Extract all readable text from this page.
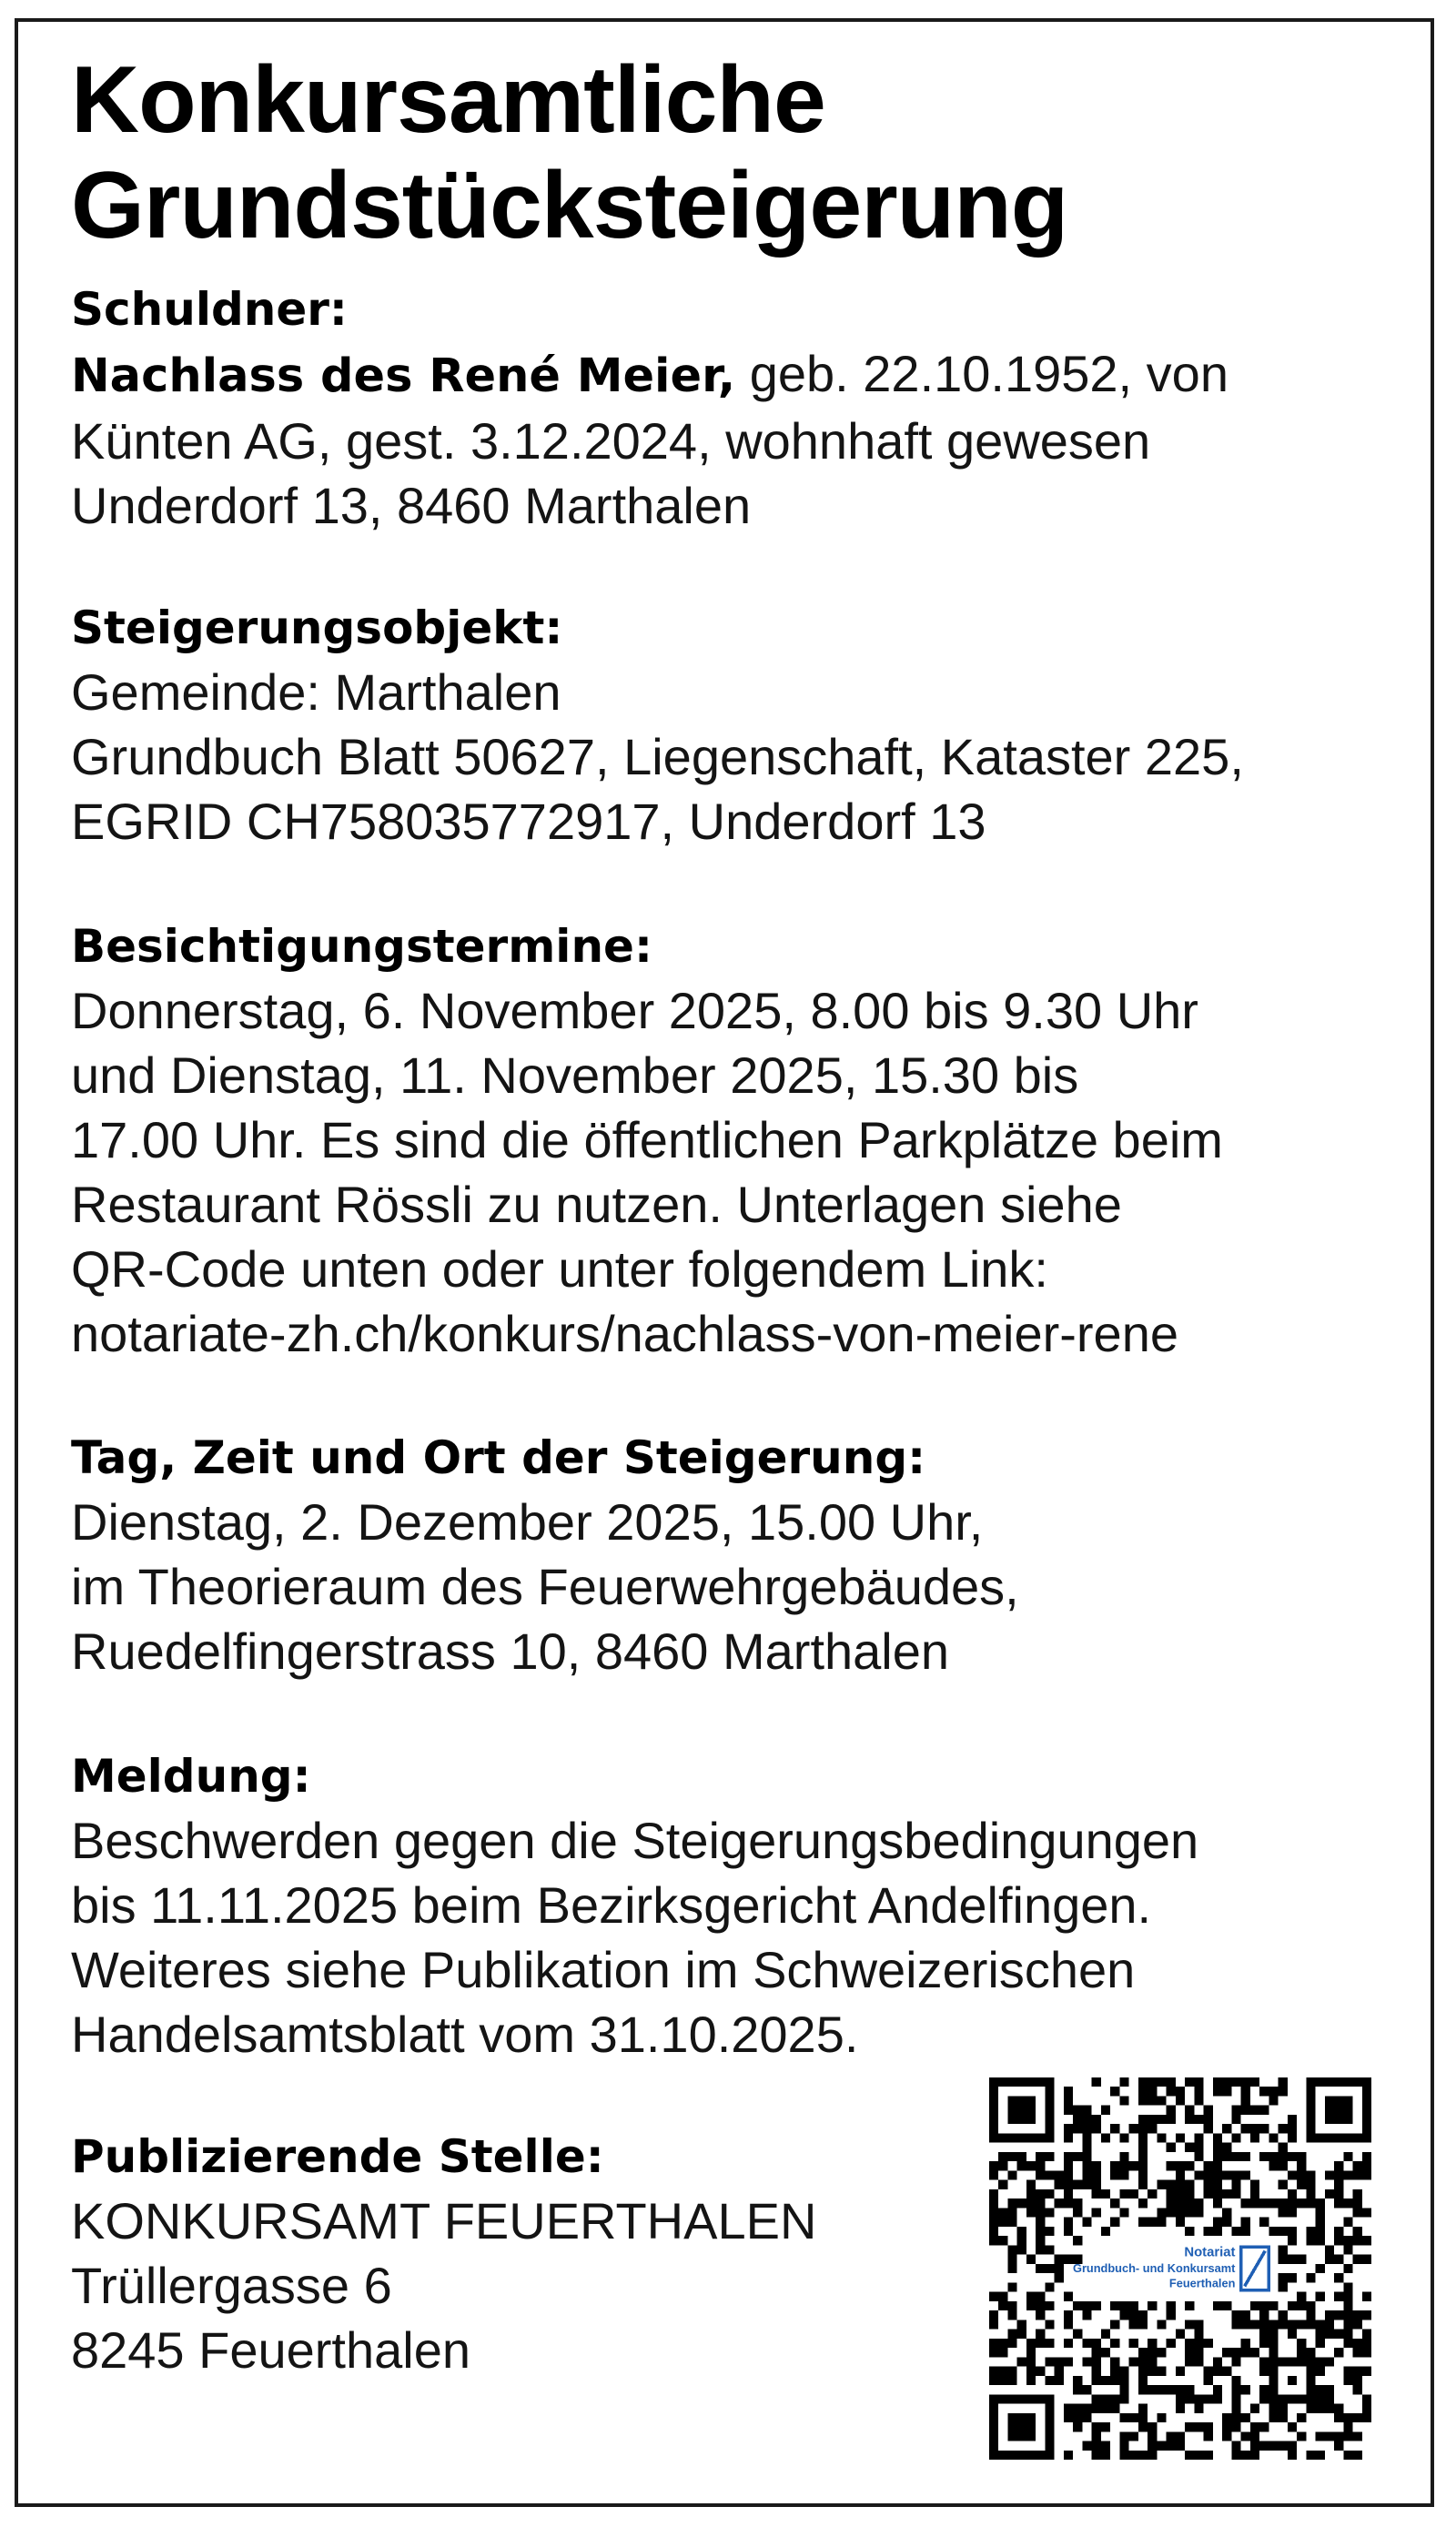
Konkursamtliche
Grundstücksteigerung
Schuldner:
Nachlass des René Meier, geb. 22.10.1952, von
Künten AG, gest. 3.12.2024, wohnhaft gewesen
Underdorf 13, 8460 Marthalen
Steigerungsobjekt:
Gemeinde: Marthalen
Grundbuch Blatt 50627, Liegenschaft, Kataster 225,
EGRID CH758035772917, Underdorf 13
Besichtigungstermine:
Donnerstag, 6. November 2025, 8.00 bis 9.30 Uhr
und Dienstag, 11. November 2025, 15.30 bis
17.00 Uhr. Es sind die öffentlichen Parkplätze beim
Restaurant Rössli zu nutzen. Unterlagen siehe
QR-Code unten oder unter folgendem Link:
notariate-zh.ch/konkurs/nachlass-von-meier-rene
Tag, Zeit und Ort der Steigerung:
Dienstag, 2. Dezember 2025, 15.00 Uhr,
im Theorieraum des Feuerwehrgebäudes,
Ruedelfingerstrass 10, 8460 Marthalen
Meldung:
Beschwerden gegen die Steigerungsbedingungen
bis 11.11.2025 beim Bezirksgericht Andelfingen.
Weiteres siehe Publikation im Schweizerischen
Handelsamtsblatt vom 31.10.2025.
Publizierende Stelle:
KONKURSAMT FEUERTHALEN
Trüllergasse 6
8245 Feuerthalen
Notariat
Grundbuch- und Konkursamt
Feuerthalen
